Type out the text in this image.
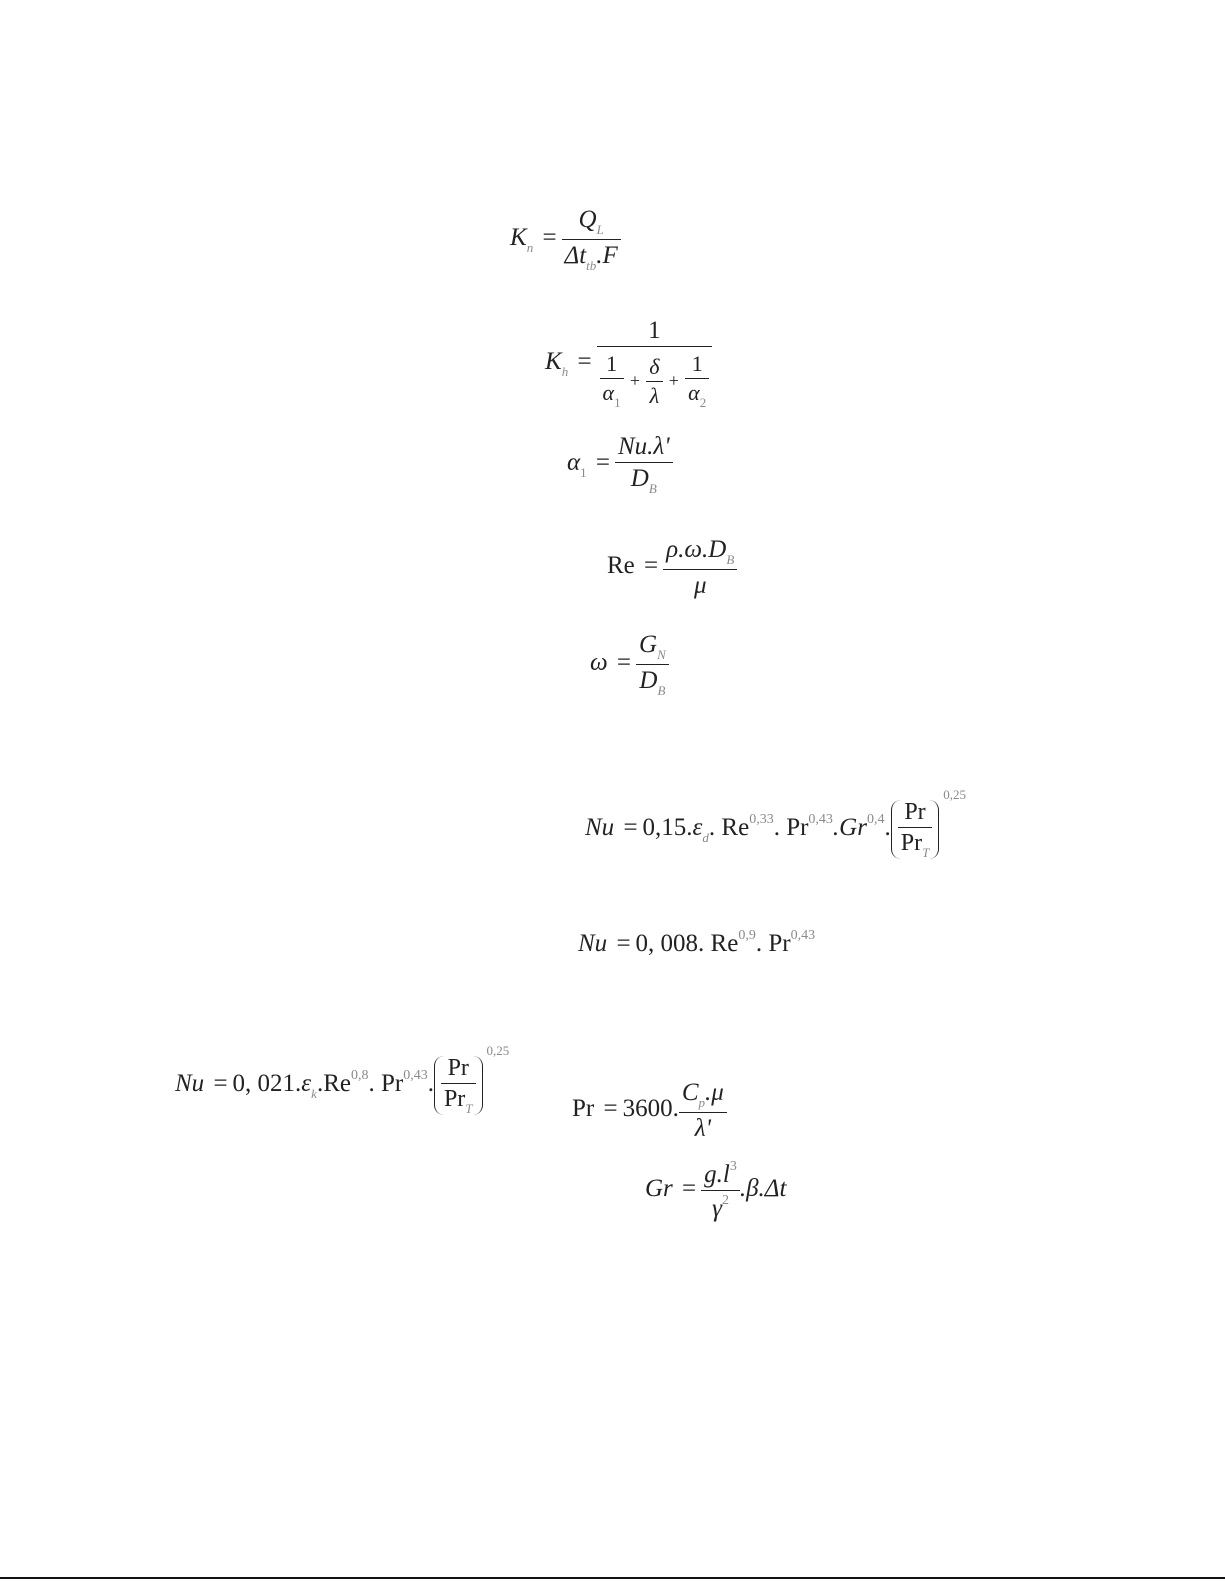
$K_n = \frac{Q_L}{\Delta t_{tb}.F}$
$K_h = \frac{1}{\frac{1}{\alpha_1} + \frac{\delta}{\lambda} + \frac{1}{\alpha_2}}$
$\alpha_1 = \frac{Nu.\lambda'}{D_B}$
$Re = \frac{\rho.\omega.D_B}{\mu}$
$\omega = \frac{G_N}{D_B}$
$Nu = 0,15.\varepsilon_d$. Re$^{0,33}$. Pr$^{0,43}$.Gr$^{0,4}$. $\frac{Pr}{Pr_T}$
0,25
Nu = 0, 008. Re$^{0,9}$. Pr$^{0,43}$
Nu = 0, $021.\varepsilon_k.Re^{0,8}$. Pr$^{0,43}$. $\frac{Pr}{Pr_T}$
0,25
Pr = 3600. $\frac{C_p.\mu}{\lambda'}$
$Gr = \frac{g.l^3}{\gamma^2} .\beta.\Delta t$
